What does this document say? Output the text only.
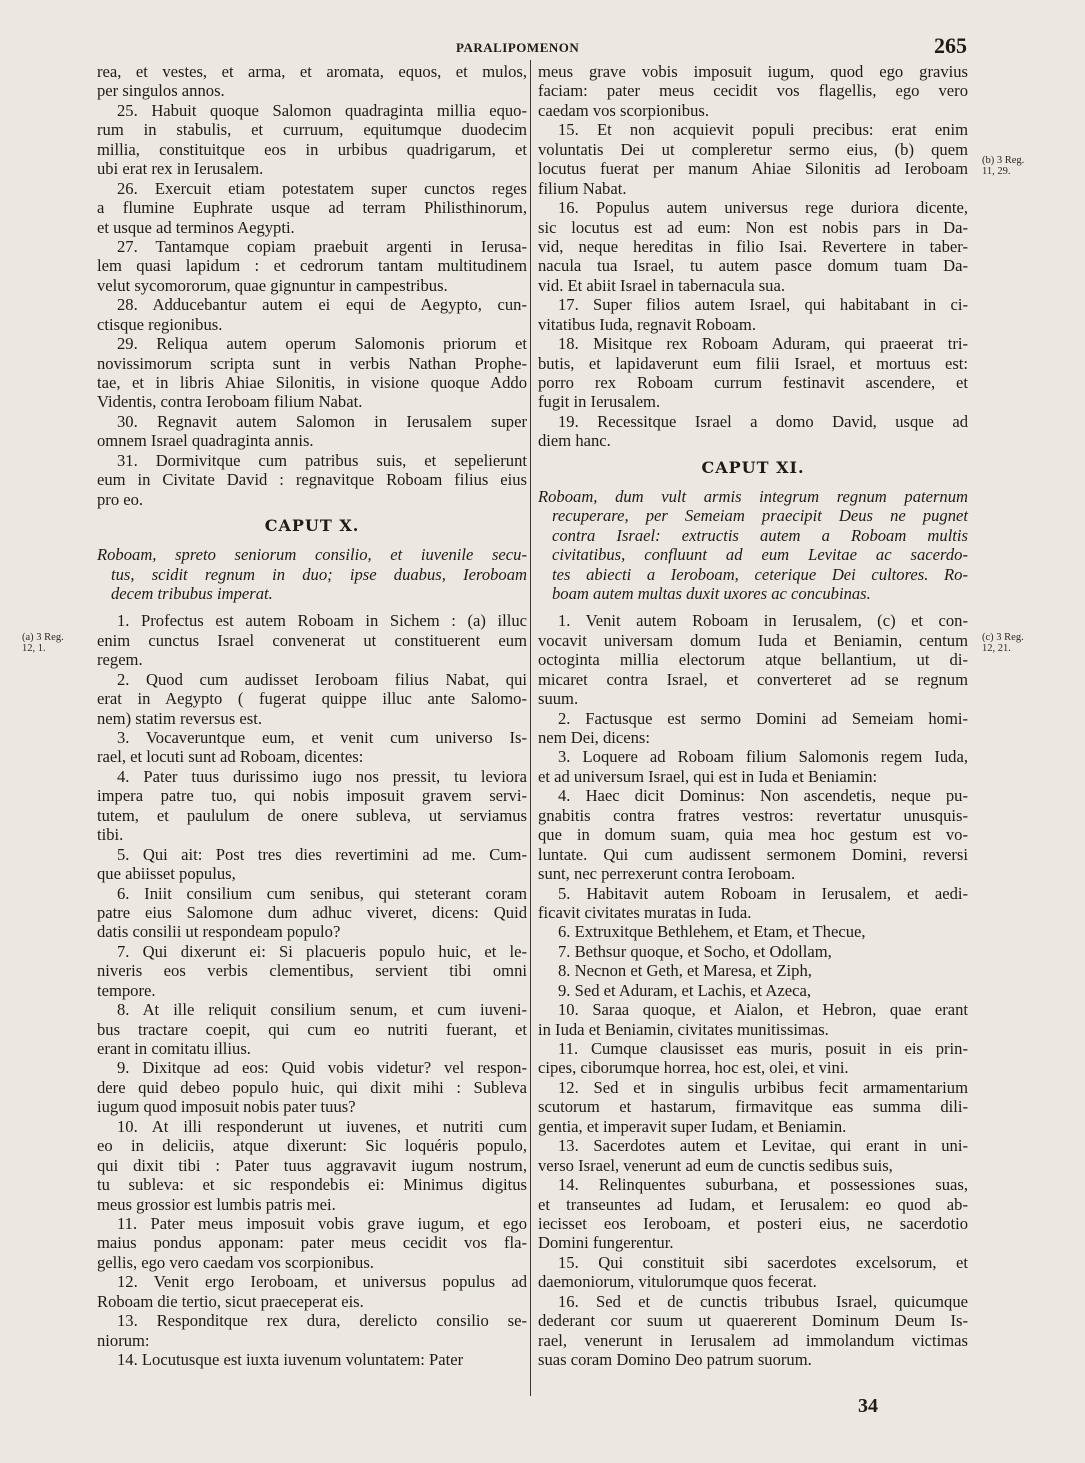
PARALIPOMENON	265
rea, et vestes, et arma, et aromata, equos, et mulos,
per singulos annos.
25. Habuit quoque Salomon quadraginta millia equo-
rum in stabulis, et curruum, equitumque duodecim
millia, constituitque eos in urbibus quadrigarum, et
ubi erat rex in Ierusalem.
26. Exercuit etiam potestatem super cunctos reges
a flumine Euphrate usque ad terram Philisthinorum,
et usque ad terminos Aegypti.
27. Tantamque copiam praebuit argenti in Ierusa-
lem quasi lapidum : et cedrorum tantam multitudinem
velut sycomororum, quae gignuntur in campestribus.
28. Adducebantur autem ei equi de Aegypto, cun-
ctisque regionibus.
29. Reliqua autem operum Salomonis priorum et
novissimorum scripta sunt in verbis Nathan Prophe-
tae, et in libris Ahiae Silonitis, in visione quoque Addo
Videntis, contra Ieroboam filium Nabat.
30. Regnavit autem Salomon in Ierusalem super
omnem Israel quadraginta annis.
31. Dormivitque cum patribus suis, et sepelierunt
eum in Civitate David : regnavitque Roboam filius eius
pro eo.
CAPUT X.
Roboam, spreto seniorum consilio, et iuvenile secu-
tus, scidit regnum in duo; ipse duabus, Ieroboam
decem tribubus imperat.
1. Profectus est autem Roboam in Sichem : (a) illuc
enim cunctus Israel convenerat ut constituerent eum
regem.
2. Quod cum audisset Ieroboam filius Nabat, qui
erat in Aegypto ( fugerat quippe illuc ante Salomo-
nem) statim reversus est.
3. Vocaveruntque eum, et venit cum universo Is-
rael, et locuti sunt ad Roboam, dicentes:
4. Pater tuus durissimo iugo nos pressit, tu leviora
impera patre tuo, qui nobis imposuit gravem servi-
tutem, et paululum de onere subleva, ut serviamus
tibi.
5. Qui ait: Post tres dies revertimini ad me. Cum-
que abiisset populus,
6. Iniit consilium cum senibus, qui steterant coram
patre eius Salomone dum adhuc viveret, dicens: Quid
datis consilii ut respondeam populo?
7. Qui dixerunt ei: Si placueris populo huic, et le-
niveris eos verbis clementibus, servient tibi omni
tempore.
8. At ille reliquit consilium senum, et cum iuveni-
bus tractare coepit, qui cum eo nutriti fuerant, et
erant in comitatu illius.
9. Dixitque ad eos: Quid vobis videtur? vel respon-
dere quid debeo populo huic, qui dixit mihi : Subleva
iugum quod imposuit nobis pater tuus?
10. At illi responderunt ut iuvenes, et nutriti cum
eo in deliciis, atque dixerunt: Sic loquéris populo,
qui dixit tibi : Pater tuus aggravavit iugum nostrum,
tu subleva: et sic respondebis ei: Minimus digitus
meus grossior est lumbis patris mei.
11. Pater meus imposuit vobis grave iugum, et ego
maius pondus apponam: pater meus cecidit vos fla-
gellis, ego vero caedam vos scorpionibus.
12. Venit ergo Ieroboam, et universus populus ad
Roboam die tertio, sicut praeceperat eis.
13. Responditque rex dura, derelicto consilio se-
niorum:
14. Locutusque est iuxta iuvenum voluntatem: Pater
meus grave vobis imposuit iugum, quod ego gravius
faciam: pater meus cecidit vos flagellis, ego vero
caedam vos scorpionibus.
15. Et non acquievit populi precibus: erat enim
voluntatis Dei ut compleretur sermo eius, (b) quem
locutus fuerat per manum Ahiae Silonitis ad Ieroboam
filium Nabat.
16. Populus autem universus rege duriora dicente,
sic locutus est ad eum: Non est nobis pars in Da-
vid, neque hereditas in filio Isai. Revertere in taber-
nacula tua Israel, tu autem pasce domum tuam Da-
vid. Et abiit Israel in tabernacula sua.
17. Super filios autem Israel, qui habitabant in ci-
vitatibus Iuda, regnavit Roboam.
18. Misitque rex Roboam Aduram, qui praeerat tri-
butis, et lapidaverunt eum filii Israel, et mortuus est:
porro rex Roboam currum festinavit ascendere, et
fugit in Ierusalem.
19. Recessitque Israel a domo David, usque ad
diem hanc.
CAPUT XI.
Roboam, dum vult armis integrum regnum paternum
recuperare, per Semeiam praecipit Deus ne pugnet
contra Israel: extructis autem a Roboam multis
civitatibus, confluunt ad eum Levitae ac sacerdo-
tes abiecti a Ieroboam, ceterique Dei cultores. Ro-
boam autem multas duxit uxores ac concubinas.
1. Venit autem Roboam in Ierusalem, (c) et con-
vocavit universam domum Iuda et Beniamin, centum
octoginta millia electorum atque bellantium, ut di-
micaret contra Israel, et converteret ad se regnum
suum.
2. Factusque est sermo Domini ad Semeiam homi-
nem Dei, dicens:
3. Loquere ad Roboam filium Salomonis regem Iuda,
et ad universum Israel, qui est in Iuda et Beniamin:
4. Haec dicit Dominus: Non ascendetis, neque pu-
gnabitis contra fratres vestros: revertatur unusquis-
que in domum suam, quia mea hoc gestum est vo-
luntate. Qui cum audissent sermonem Domini, reversi
sunt, nec perrexerunt contra Ieroboam.
5. Habitavit autem Roboam in Ierusalem, et aedi-
ficavit civitates muratas in Iuda.
6. Extruxitque Bethlehem, et Etam, et Thecue,
7. Bethsur quoque, et Socho, et Odollam,
8. Necnon et Geth, et Maresa, et Ziph,
9. Sed et Aduram, et Lachis, et Azeca,
10. Saraa quoque, et Aialon, et Hebron, quae erant
in Iuda et Beniamin, civitates munitissimas.
11. Cumque clausisset eas muris, posuit in eis prin-
cipes, ciborumque horrea, hoc est, olei, et vini.
12. Sed et in singulis urbibus fecit armamentarium
scutorum et hastarum, firmavitque eas summa dili-
gentia, et imperavit super Iudam, et Beniamin.
13. Sacerdotes autem et Levitae, qui erant in uni-
verso Israel, venerunt ad eum de cunctis sedibus suis,
14. Relinquentes suburbana, et possessiones suas,
et transeuntes ad Iudam, et Ierusalem: eo quod ab-
iecisset eos Ieroboam, et posteri eius, ne sacerdotio
Domini fungerentur.
15. Qui constituit sibi sacerdotes excelsorum, et
daemoniorum, vitulorumque quos fecerat.
16. Sed et de cunctis tribubus Israel, quicumque
dederant cor suum ut quaererent Dominum Deum Is-
rael, venerunt in Ierusalem ad immolandum victimas
suas coram Domino Deo patrum suorum.
(a) 3 Reg.
12, 1.
(b) 3 Reg.
11, 29.
(c) 3 Reg.
12, 21.
34
